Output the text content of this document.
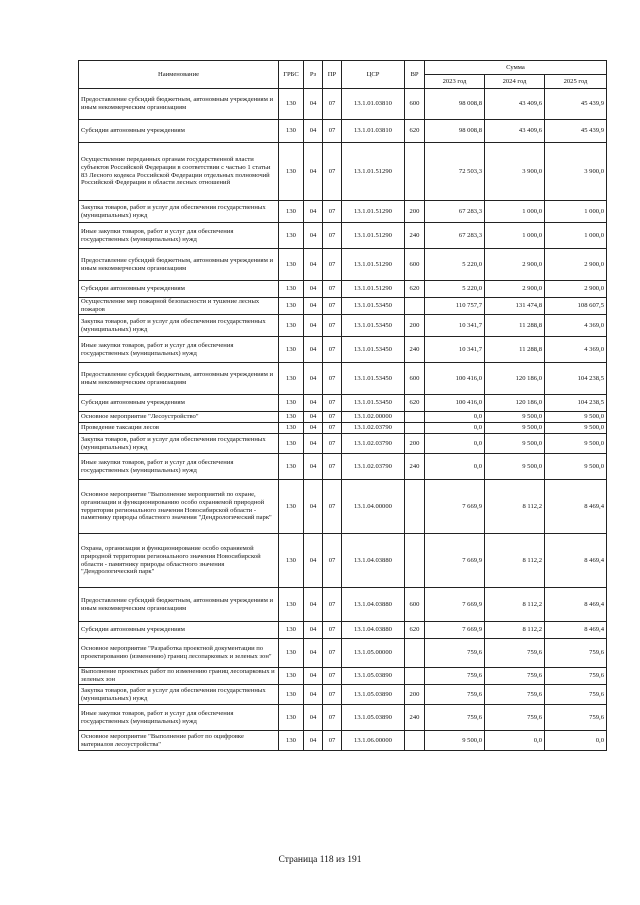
Наименование	ГРБС	Рз	ПР	ЦСР	ВР	Сумма		
						2023 год	2024 год	2025 год
Предоставление субсидий бюджетным, автономным учреждениям и иным некоммерческим организациям	130	04	07	13.1.01.03810	600	98 008,8	43 409,6	45 439,9
Субсидии автономным учреждениям	130	04	07	13.1.01.03810	620	98 008,8	43 409,6	45 439,9
Осуществление переданных органам государственной власти субъектов Российской Федерации в соответствии с частью 1 статьи 83 Лесного кодекса Российской Федерации отдельных полномочий Российской Федерации в области лесных отношений	130	04	07	13.1.01.51290		72 503,3	3 900,0	3 900,0
Закупка товаров, работ и услуг для обеспечения государственных (муниципальных) нужд	130	04	07	13.1.01.51290	200	67 283,3	1 000,0	1 000,0
Иные закупки товаров, работ и услуг для обеспечения государственных (муниципальных) нужд	130	04	07	13.1.01.51290	240	67 283,3	1 000,0	1 000,0
Предоставление субсидий бюджетным, автономным учреждениям и иным некоммерческим организациям	130	04	07	13.1.01.51290	600	5 220,0	2 900,0	2 900,0
Субсидии автономным учреждениям	130	04	07	13.1.01.51290	620	5 220,0	2 900,0	2 900,0
Осуществление мер пожарной безопасности и тушение лесных пожаров	130	04	07	13.1.01.53450		110 757,7	131 474,8	108 607,5
Закупка товаров, работ и услуг для обеспечения государственных (муниципальных) нужд	130	04	07	13.1.01.53450	200	10 341,7	11 288,8	4 369,0
Иные закупки товаров, работ и услуг для обеспечения государственных (муниципальных) нужд	130	04	07	13.1.01.53450	240	10 341,7	11 288,8	4 369,0
Предоставление субсидий бюджетным, автономным учреждениям и иным некоммерческим организациям	130	04	07	13.1.01.53450	600	100 416,0	120 186,0	104 238,5
Субсидии автономным учреждениям	130	04	07	13.1.01.53450	620	100 416,0	120 186,0	104 238,5
Основное мероприятие "Лесоустройство"	130	04	07	13.1.02.00000		0,0	9 500,0	9 500,0
Проведение таксации лесов	130	04	07	13.1.02.03790		0,0	9 500,0	9 500,0
Закупка товаров, работ и услуг для обеспечения государственных (муниципальных) нужд	130	04	07	13.1.02.03790	200	0,0	9 500,0	9 500,0
Иные закупки товаров, работ и услуг для обеспечения государственных (муниципальных) нужд	130	04	07	13.1.02.03790	240	0,0	9 500,0	9 500,0
Основное мероприятие "Выполнение мероприятий по охране, организации и функционированию особо охраняемой природной территории регионального значения Новосибирской области - памятнику природы областного значения "Дендрологический парк"	130	04	07	13.1.04.00000		7 669,9	8 112,2	8 469,4
Охрана, организация и функционирование особо охраняемой природной территории регионального значения Новосибирской области - памятнику природы областного значения "Дендрологический парк"	130	04	07	13.1.04.03880		7 669,9	8 112,2	8 469,4
Предоставление субсидий бюджетным, автономным учреждениям и иным некоммерческим организациям	130	04	07	13.1.04.03880	600	7 669,9	8 112,2	8 469,4
Субсидии автономным учреждениям	130	04	07	13.1.04.03880	620	7 669,9	8 112,2	8 469,4
Основное мероприятие "Разработка проектной документации по проектированию (изменению) границ лесопарковых и зеленых зон"	130	04	07	13.1.05.00000		759,6	759,6	759,6
Выполнение проектных работ по изменению границ лесопарковых и зеленых зон	130	04	07	13.1.05.03890		759,6	759,6	759,6
Закупка товаров, работ и услуг для обеспечения государственных (муниципальных) нужд	130	04	07	13.1.05.03890	200	759,6	759,6	759,6
Иные закупки товаров, работ и услуг для обеспечения государственных (муниципальных) нужд	130	04	07	13.1.05.03890	240	759,6	759,6	759,6
Основное мероприятие "Выполнение работ по оцифровке материалов лесоустройства"	130	04	07	13.1.06.00000		9 500,0	0,0	0,0
Страница 118 из 191
